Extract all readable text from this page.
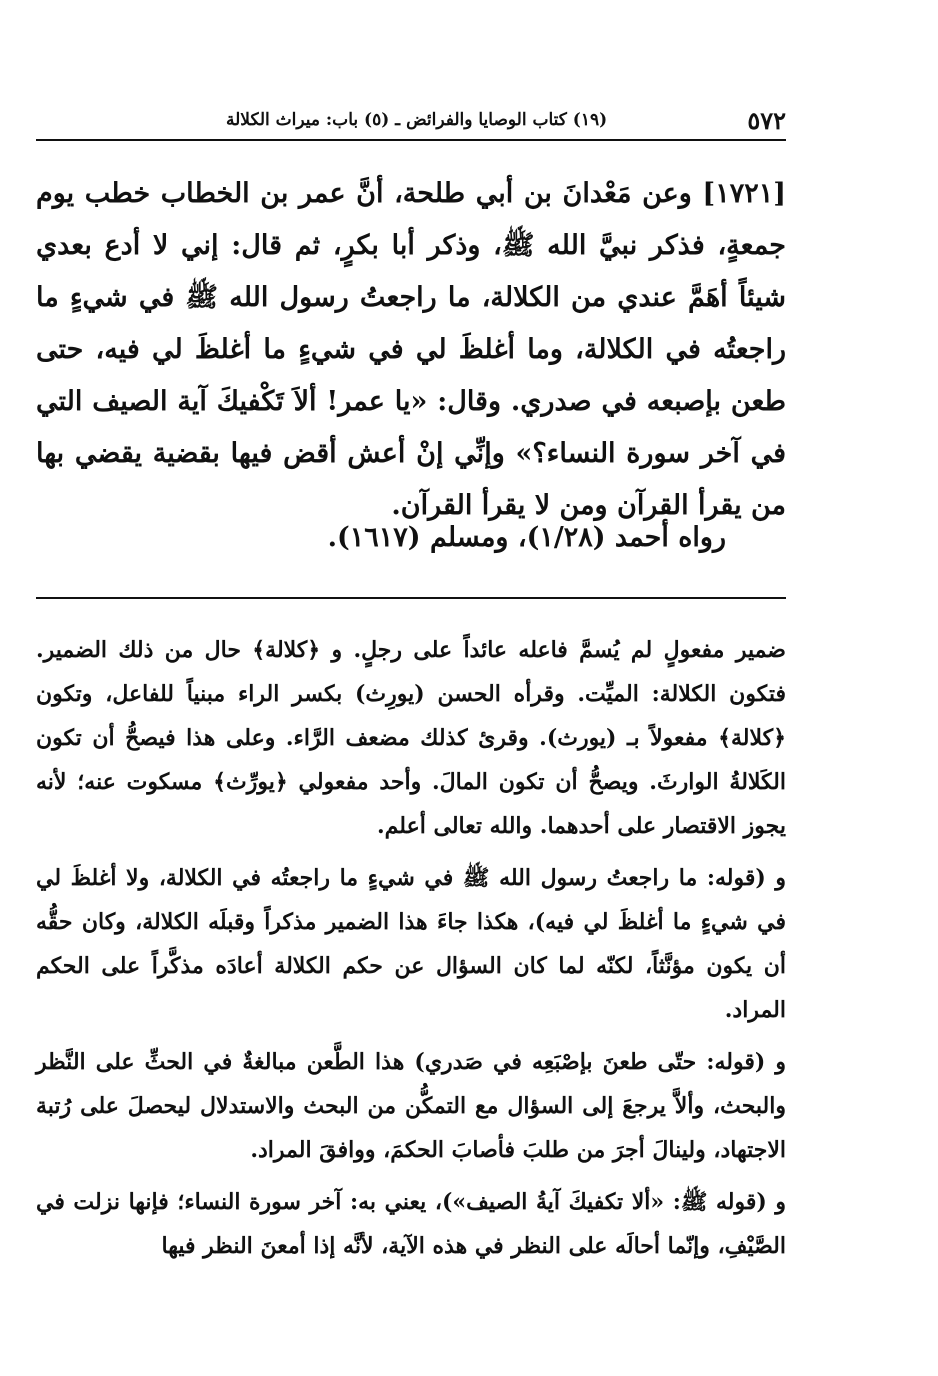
٥٧٢
(١٩) كتاب الوصايا والفرائض ـ (٥) باب: ميراث الكلالة

[١٧٢١] وعن مَعْدانَ بن أبي طلحة، أنَّ عمر بن الخطاب خطب يوم جمعةٍ، فذكر نبيَّ الله ﷺ، وذكر أبا بكرٍ، ثم قال: إني لا أدع بعدي شيئاً أهَمَّ عندي من الكلالة، ما راجعتُ رسول الله ﷺ في شيءٍ ما راجعتُه في الكلالة، وما أغلظَ لي في شيءٍ ما أغلظَ لي فيه، حتى طعن بإصبعه في صدري. وقال: «يا عمر! ألاَ تَكْفيكَ آية الصيف التي في آخر سورة النساء؟» وإنِّي إنْ أعش أقض فيها بقضية يقضي بها من يقرأ القرآن ومن لا يقرأ القرآن.

رواه أحمد (١/٢٨)، ومسلم (١٦١٧).

ضمير مفعولٍ لم يُسمَّ فاعله عائداً على رجلٍ. و ﴿كلالة﴾ حال من ذلك الضمير. فتكون الكلالة: الميِّت. وقرأه الحسن (يورِث) بكسر الراء مبنياً للفاعل، وتكون ﴿كلالة﴾ مفعولاً بـ (يورث). وقرئ كذلك مضعف الرَّاء. وعلى هذا فيصحُّ أن تكون الكَلالةُ الوارثَ. ويصحُّ أن تكون المالَ. وأحد مفعولي ﴿يورِّث﴾ مسكوت عنه؛ لأنه يجوز الاقتصار على أحدهما. والله تعالى أعلم.

و (قوله: ما راجعتُ رسول الله ﷺ في شيءٍ ما راجعتُه في الكلالة، ولا أغلظَ لي في شيءٍ ما أغلظَ لي فيه)، هكذا جاءَ هذا الضمير مذكراً وقبلَه الكلالة، وكان حقُّه أن يكون مؤنَّثاً، لكنّه لما كان السؤال عن حكم الكلالة أعادَه مذكَّراً على الحكم المراد.

و (قوله: حتّى طعنَ بإصْبَعِه في صَدري) هذا الطَّعن مبالغةٌ في الحثِّ على النَّظر والبحث، وألاَّ يرجعَ إلى السؤال مع التمكُّن من البحث والاستدلال ليحصلَ على رُتبة الاجتهاد، ولينالَ أجرَ من طلبَ فأصابَ الحكمَ، ووافقَ المراد.

و (قوله ﷺ: «ألا تكفيكَ آيةُ الصيف»)، يعني به: آخر سورة النساء؛ فإنها نزلت في الصَّيْفِ، وإنّما أحالَه على النظر في هذه الآية، لأنَّه إذا أمعنَ النظر فيها
